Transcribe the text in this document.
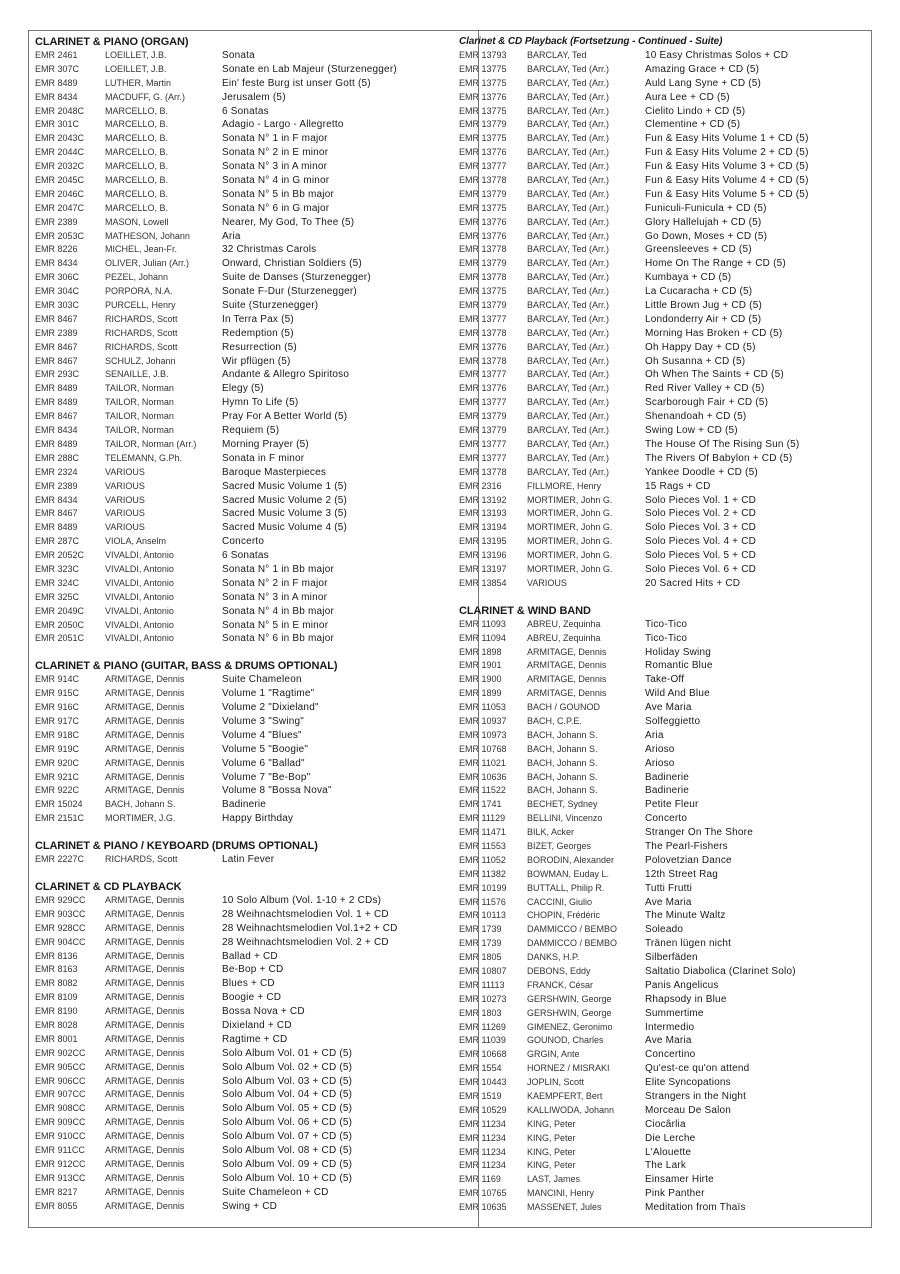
CLARINET & PIANO (ORGAN)
EMR 2461	LOEILLET, J.B.	Sonata
EMR 307C	LOEILLET, J.B.	Sonate en Lab Majeur (Sturzenegger)
EMR 8489	LUTHER, Martin	Ein' feste Burg ist unser Gott (5)
EMR 8434	MACDUFF, G. (Arr.)	Jerusalem (5)
EMR 2048C	MARCELLO, B.	6 Sonatas
EMR 301C	MARCELLO, B.	Adagio - Largo - Allegretto
EMR 2043C	MARCELLO, B.	Sonata N° 1 in F major
EMR 2044C	MARCELLO, B.	Sonata N° 2 in E minor
EMR 2032C	MARCELLO, B.	Sonata N° 3 in A minor
EMR 2045C	MARCELLO, B.	Sonata N° 4 in G minor
EMR 2046C	MARCELLO, B.	Sonata N° 5 in Bb major
EMR 2047C	MARCELLO, B.	Sonata N° 6 in G major
EMR 2389	MASON, Lowell	Nearer, My God, To Thee (5)
EMR 2053C	MATHESON, Johann	Aria
EMR 8226	MICHEL, Jean-Fr.	32 Christmas Carols
EMR 8434	OLIVER, Julian (Arr.)	Onward, Christian Soldiers (5)
EMR 306C	PEZEL, Johann	Suite de Danses (Sturzenegger)
EMR 304C	PORPORA, N.A.	Sonate F-Dur (Sturzenegger)
EMR 303C	PURCELL, Henry	Suite (Sturzenegger)
EMR 8467	RICHARDS, Scott	In Terra Pax (5)
EMR 2389	RICHARDS, Scott	Redemption (5)
EMR 8467	RICHARDS, Scott	Resurrection (5)
EMR 8467	SCHULZ, Johann	Wir pflügen (5)
EMR 293C	SENAILLE, J.B.	Andante & Allegro Spiritoso
EMR 8489	TAILOR, Norman	Elegy (5)
EMR 8489	TAILOR, Norman	Hymn To Life (5)
EMR 8467	TAILOR, Norman	Pray For A Better World (5)
EMR 8434	TAILOR, Norman	Requiem (5)
EMR 8489	TAILOR, Norman (Arr.)	Morning Prayer (5)
EMR 288C	TELEMANN, G.Ph.	Sonata in F minor
EMR 2324	VARIOUS	Baroque Masterpieces
EMR 2389	VARIOUS	Sacred Music Volume 1 (5)
EMR 8434	VARIOUS	Sacred Music Volume 2 (5)
EMR 8467	VARIOUS	Sacred Music Volume 3 (5)
EMR 8489	VARIOUS	Sacred Music Volume 4 (5)
EMR 287C	VIOLA, Anselm	Concerto
EMR 2052C	VIVALDI, Antonio	6 Sonatas
EMR 323C	VIVALDI, Antonio	Sonata N° 1 in Bb major
EMR 324C	VIVALDI, Antonio	Sonata N° 2 in F major
EMR 325C	VIVALDI, Antonio	Sonata N° 3 in A minor
EMR 2049C	VIVALDI, Antonio	Sonata N° 4 in Bb major
EMR 2050C	VIVALDI, Antonio	Sonata N° 5 in E minor
EMR 2051C	VIVALDI, Antonio	Sonata N° 6 in Bb major
CLARINET & PIANO (GUITAR, BASS & DRUMS OPTIONAL)
EMR 914C	ARMITAGE, Dennis	Suite Chameleon
EMR 915C	ARMITAGE, Dennis	Volume 1 "Ragtime"
EMR 916C	ARMITAGE, Dennis	Volume 2 "Dixieland"
EMR 917C	ARMITAGE, Dennis	Volume 3 "Swing"
EMR 918C	ARMITAGE, Dennis	Volume 4 "Blues"
EMR 919C	ARMITAGE, Dennis	Volume 5 "Boogie"
EMR 920C	ARMITAGE, Dennis	Volume 6 "Ballad"
EMR 921C	ARMITAGE, Dennis	Volume 7 "Be-Bop"
EMR 922C	ARMITAGE, Dennis	Volume 8 "Bossa Nova"
EMR 15024	BACH, Johann S.	Badinerie
EMR 2151C	MORTIMER, J.G.	Happy Birthday
CLARINET & PIANO / KEYBOARD (DRUMS OPTIONAL)
EMR 2227C	RICHARDS, Scott	Latin Fever
CLARINET & CD PLAYBACK
EMR 929CC	ARMITAGE, Dennis	10 Solo Album (Vol. 1-10 + 2 CDs)
EMR 903CC	ARMITAGE, Dennis	28 Weihnachtsmelodien Vol. 1 + CD
EMR 928CC	ARMITAGE, Dennis	28 Weihnachtsmelodien Vol.1+2 + CD
EMR 904CC	ARMITAGE, Dennis	28 Weihnachtsmelodien Vol. 2 + CD
EMR 8136	ARMITAGE, Dennis	Ballad + CD
EMR 8163	ARMITAGE, Dennis	Be-Bop + CD
EMR 8082	ARMITAGE, Dennis	Blues + CD
EMR 8109	ARMITAGE, Dennis	Boogie + CD
EMR 8190	ARMITAGE, Dennis	Bossa Nova + CD
EMR 8028	ARMITAGE, Dennis	Dixieland + CD
EMR 8001	ARMITAGE, Dennis	Ragtime + CD
EMR 902CC	ARMITAGE, Dennis	Solo Album Vol. 01 + CD (5)
EMR 905CC	ARMITAGE, Dennis	Solo Album Vol. 02 + CD (5)
EMR 906CC	ARMITAGE, Dennis	Solo Album Vol. 03 + CD (5)
EMR 907CC	ARMITAGE, Dennis	Solo Album Vol. 04 + CD (5)
EMR 908CC	ARMITAGE, Dennis	Solo Album Vol. 05 + CD (5)
EMR 909CC	ARMITAGE, Dennis	Solo Album Vol. 06 + CD (5)
EMR 910CC	ARMITAGE, Dennis	Solo Album Vol. 07 + CD (5)
EMR 911CC	ARMITAGE, Dennis	Solo Album Vol. 08 + CD (5)
EMR 912CC	ARMITAGE, Dennis	Solo Album Vol. 09 + CD (5)
EMR 913CC	ARMITAGE, Dennis	Solo Album Vol. 10 + CD (5)
EMR 8217	ARMITAGE, Dennis	Suite Chameleon + CD
EMR 8055	ARMITAGE, Dennis	Swing + CD
Clarinet & CD Playback (Fortsetzung - Continued - Suite)
EMR 13793	BARCLAY, Ted	10 Easy Christmas Solos + CD
EMR 13775	BARCLAY, Ted (Arr.)	Amazing Grace + CD (5)
EMR 13775	BARCLAY, Ted (Arr.)	Auld Lang Syne + CD (5)
EMR 13776	BARCLAY, Ted (Arr.)	Aura Lee + CD (5)
EMR 13775	BARCLAY, Ted (Arr.)	Cielito Lindo + CD (5)
EMR 13779	BARCLAY, Ted (Arr.)	Clementine + CD (5)
EMR 13775	BARCLAY, Ted (Arr.)	Fun & Easy Hits Volume 1 + CD (5)
EMR 13776	BARCLAY, Ted (Arr.)	Fun & Easy Hits Volume 2 + CD (5)
EMR 13777	BARCLAY, Ted (Arr.)	Fun & Easy Hits Volume 3 + CD (5)
EMR 13778	BARCLAY, Ted (Arr.)	Fun & Easy Hits Volume 4 + CD (5)
EMR 13779	BARCLAY, Ted (Arr.)	Fun & Easy Hits Volume 5 + CD (5)
EMR 13775	BARCLAY, Ted (Arr.)	Funiculi-Funicula + CD (5)
EMR 13776	BARCLAY, Ted (Arr.)	Glory Hallelujah + CD (5)
EMR 13776	BARCLAY, Ted (Arr.)	Go Down, Moses + CD (5)
EMR 13778	BARCLAY, Ted (Arr.)	Greensleeves + CD (5)
EMR 13779	BARCLAY, Ted (Arr.)	Home On The Range + CD (5)
EMR 13778	BARCLAY, Ted (Arr.)	Kumbaya + CD (5)
EMR 13775	BARCLAY, Ted (Arr.)	La Cucaracha + CD (5)
EMR 13779	BARCLAY, Ted (Arr.)	Little Brown Jug + CD (5)
EMR 13777	BARCLAY, Ted (Arr.)	Londonderry Air + CD (5)
EMR 13778	BARCLAY, Ted (Arr.)	Morning Has Broken + CD (5)
EMR 13776	BARCLAY, Ted (Arr.)	Oh Happy Day + CD (5)
EMR 13778	BARCLAY, Ted (Arr.)	Oh Susanna + CD (5)
EMR 13777	BARCLAY, Ted (Arr.)	Oh When The Saints + CD (5)
EMR 13776	BARCLAY, Ted (Arr.)	Red River Valley + CD (5)
EMR 13777	BARCLAY, Ted (Arr.)	Scarborough Fair + CD (5)
EMR 13779	BARCLAY, Ted (Arr.)	Shenandoah + CD (5)
EMR 13779	BARCLAY, Ted (Arr.)	Swing Low + CD (5)
EMR 13777	BARCLAY, Ted (Arr.)	The House Of The Rising Sun (5)
EMR 13777	BARCLAY, Ted (Arr.)	The Rivers Of Babylon + CD (5)
EMR 13778	BARCLAY, Ted (Arr.)	Yankee Doodle + CD (5)
EMR 2316	FILLMORE, Henry	15 Rags + CD
EMR 13192	MORTIMER, John G.	Solo Pieces Vol. 1 + CD
EMR 13193	MORTIMER, John G.	Solo Pieces Vol. 2 + CD
EMR 13194	MORTIMER, John G.	Solo Pieces Vol. 3 + CD
EMR 13195	MORTIMER, John G.	Solo Pieces Vol. 4 + CD
EMR 13196	MORTIMER, John G.	Solo Pieces Vol. 5 + CD
EMR 13197	MORTIMER, John G.	Solo Pieces Vol. 6 + CD
EMR 13854	VARIOUS	20 Sacred Hits + CD
CLARINET & WIND BAND
EMR 11093	ABREU, Zequinha	Tico-Tico
EMR 11094	ABREU, Zequinha	Tico-Tico
EMR 1898	ARMITAGE, Dennis	Holiday Swing
EMR 1901	ARMITAGE, Dennis	Romantic Blue
EMR 1900	ARMITAGE, Dennis	Take-Off
EMR 1899	ARMITAGE, Dennis	Wild And Blue
EMR 11053	BACH / GOUNOD	Ave Maria
EMR 10937	BACH, C.P.E.	Solfeggietto
EMR 10973	BACH, Johann S.	Aria
EMR 10768	BACH, Johann S.	Arioso
EMR 11021	BACH, Johann S.	Arioso
EMR 10636	BACH, Johann S.	Badinerie
EMR 11522	BACH, Johann S.	Badinerie
EMR 1741	BECHET, Sydney	Petite Fleur
EMR 11129	BELLINI, Vincenzo	Concerto
EMR 11471	BILK, Acker	Stranger On The Shore
EMR 11553	BIZET, Georges	The Pearl-Fishers
EMR 11052	BORODIN, Alexander	Polovetzian Dance
EMR 11382	BOWMAN, Euday L.	12th Street Rag
EMR 10199	BUTTALL, Philip R.	Tutti Frutti
EMR 11576	CACCINI, Giulio	Ave Maria
EMR 10113	CHOPIN, Frédéric	The Minute Waltz
EMR 1739	DAMMICCO / BEMBO	Soleado
EMR 1739	DAMMICCO / BEMBO	Tränen lügen nicht
EMR 1805	DANKS, H.P.	Silberfäden
EMR 10807	DEBONS, Eddy	Saltatio Diabolica (Clarinet Solo)
EMR 11113	FRANCK, César	Panis Angelicus
EMR 10273	GERSHWIN, George	Rhapsody in Blue
EMR 1803	GERSHWIN, George	Summertime
EMR 11269	GIMENEZ, Geronimo	Intermedio
EMR 11039	GOUNOD, Charles	Ave Maria
EMR 10668	GRGIN, Ante	Concertino
EMR 1554	HORNEZ / MISRAKI	Qu'est-ce qu'on attend
EMR 10443	JOPLIN, Scott	Elite Syncopations
EMR 1519	KAEMPFERT, Bert	Strangers in the Night
EMR 10529	KALLIWODA, Johann	Morceau De Salon
EMR 11234	KING, Peter	Ciocârlia
EMR 11234	KING, Peter	Die Lerche
EMR 11234	KING, Peter	L'Alouette
EMR 11234	KING, Peter	The Lark
EMR 1169	LAST, James	Einsamer Hirte
EMR 10765	MANCINI, Henry	Pink Panther
EMR 10635	MASSENET, Jules	Meditation from Thaïs
